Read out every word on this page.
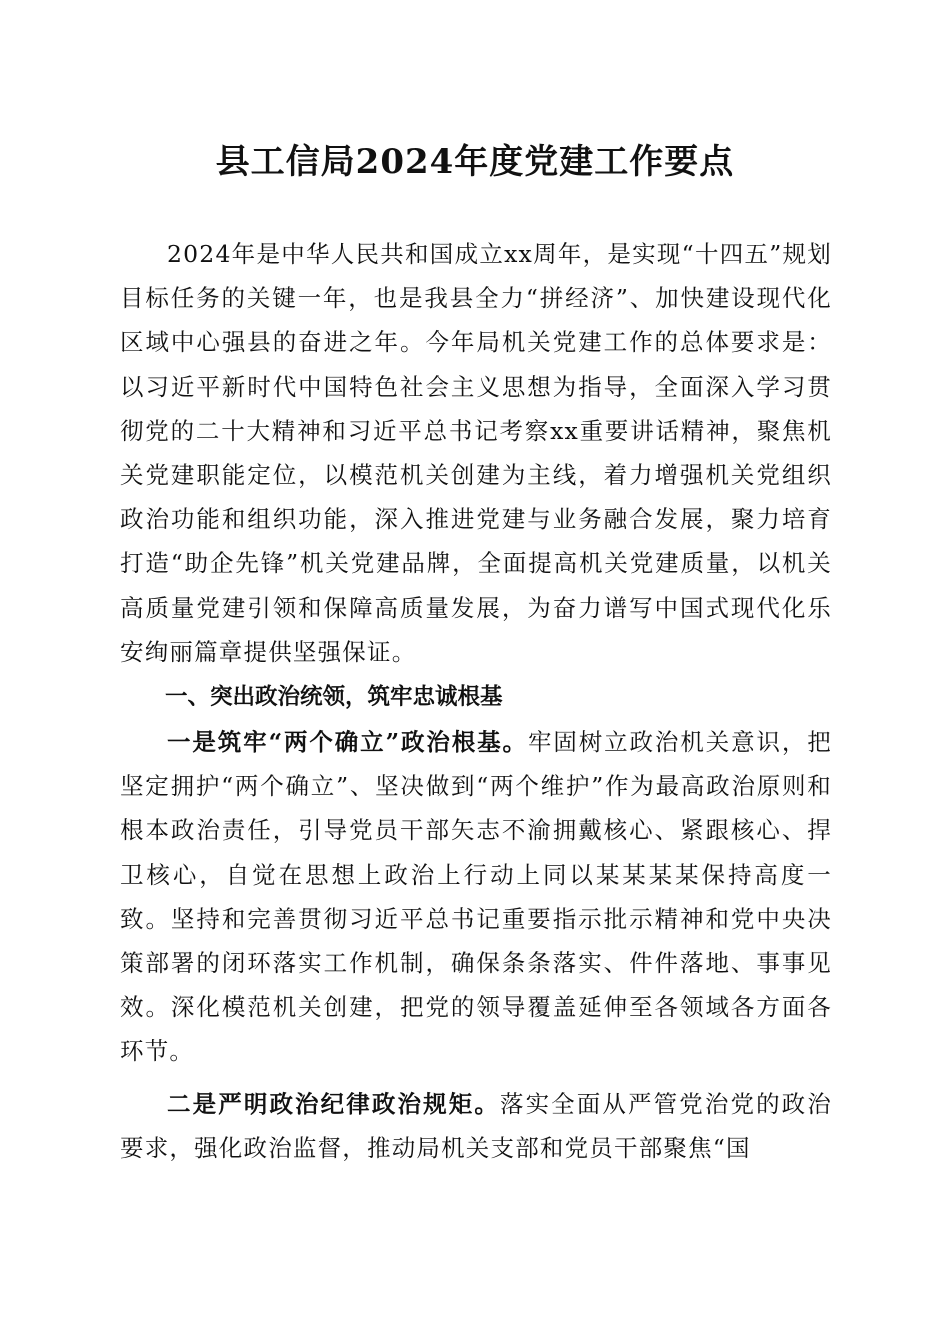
县工信局2024年度党建工作要点

2024年是中华人民共和国成立xx周年，是实现“十四五”规划目标任务的关键一年，也是我县全力“拼经济”、加快建设现代化区域中心强县的奋进之年。今年局机关党建工作的总体要求是：以习近平新时代中国特色社会主义思想为指导，全面深入学习贯彻党的二十大精神和习近平总书记考察xx重要讲话精神，聚焦机关党建职能定位，以模范机关创建为主线，着力增强机关党组织政治功能和组织功能，深入推进党建与业务融合发展，聚力培育打造“助企先锋”机关党建品牌，全面提高机关党建质量，以机关高质量党建引领和保障高质量发展，为奋力谱写中国式现代化乐安绚丽篇章提供坚强保证。

一、突出政治统领，筑牢忠诚根基

一是筑牢“两个确立”政治根基。牢固树立政治机关意识，把坚定拥护“两个确立”、坚决做到“两个维护”作为最高政治原则和根本政治责任，引导党员干部矢志不渝拥戴核心、紧跟核心、捍卫核心，自觉在思想上政治上行动上同以某某某某保持高度一致。坚持和完善贯彻习近平总书记重要指示批示精神和党中央决策部署的闭环落实工作机制，确保条条落实、件件落地、事事见效。深化模范机关创建，把党的领导覆盖延伸至各领域各方面各环节。

二是严明政治纪律政治规矩。落实全面从严管党治党的政治要求，强化政治监督，推动局机关支部和党员干部聚焦“国
